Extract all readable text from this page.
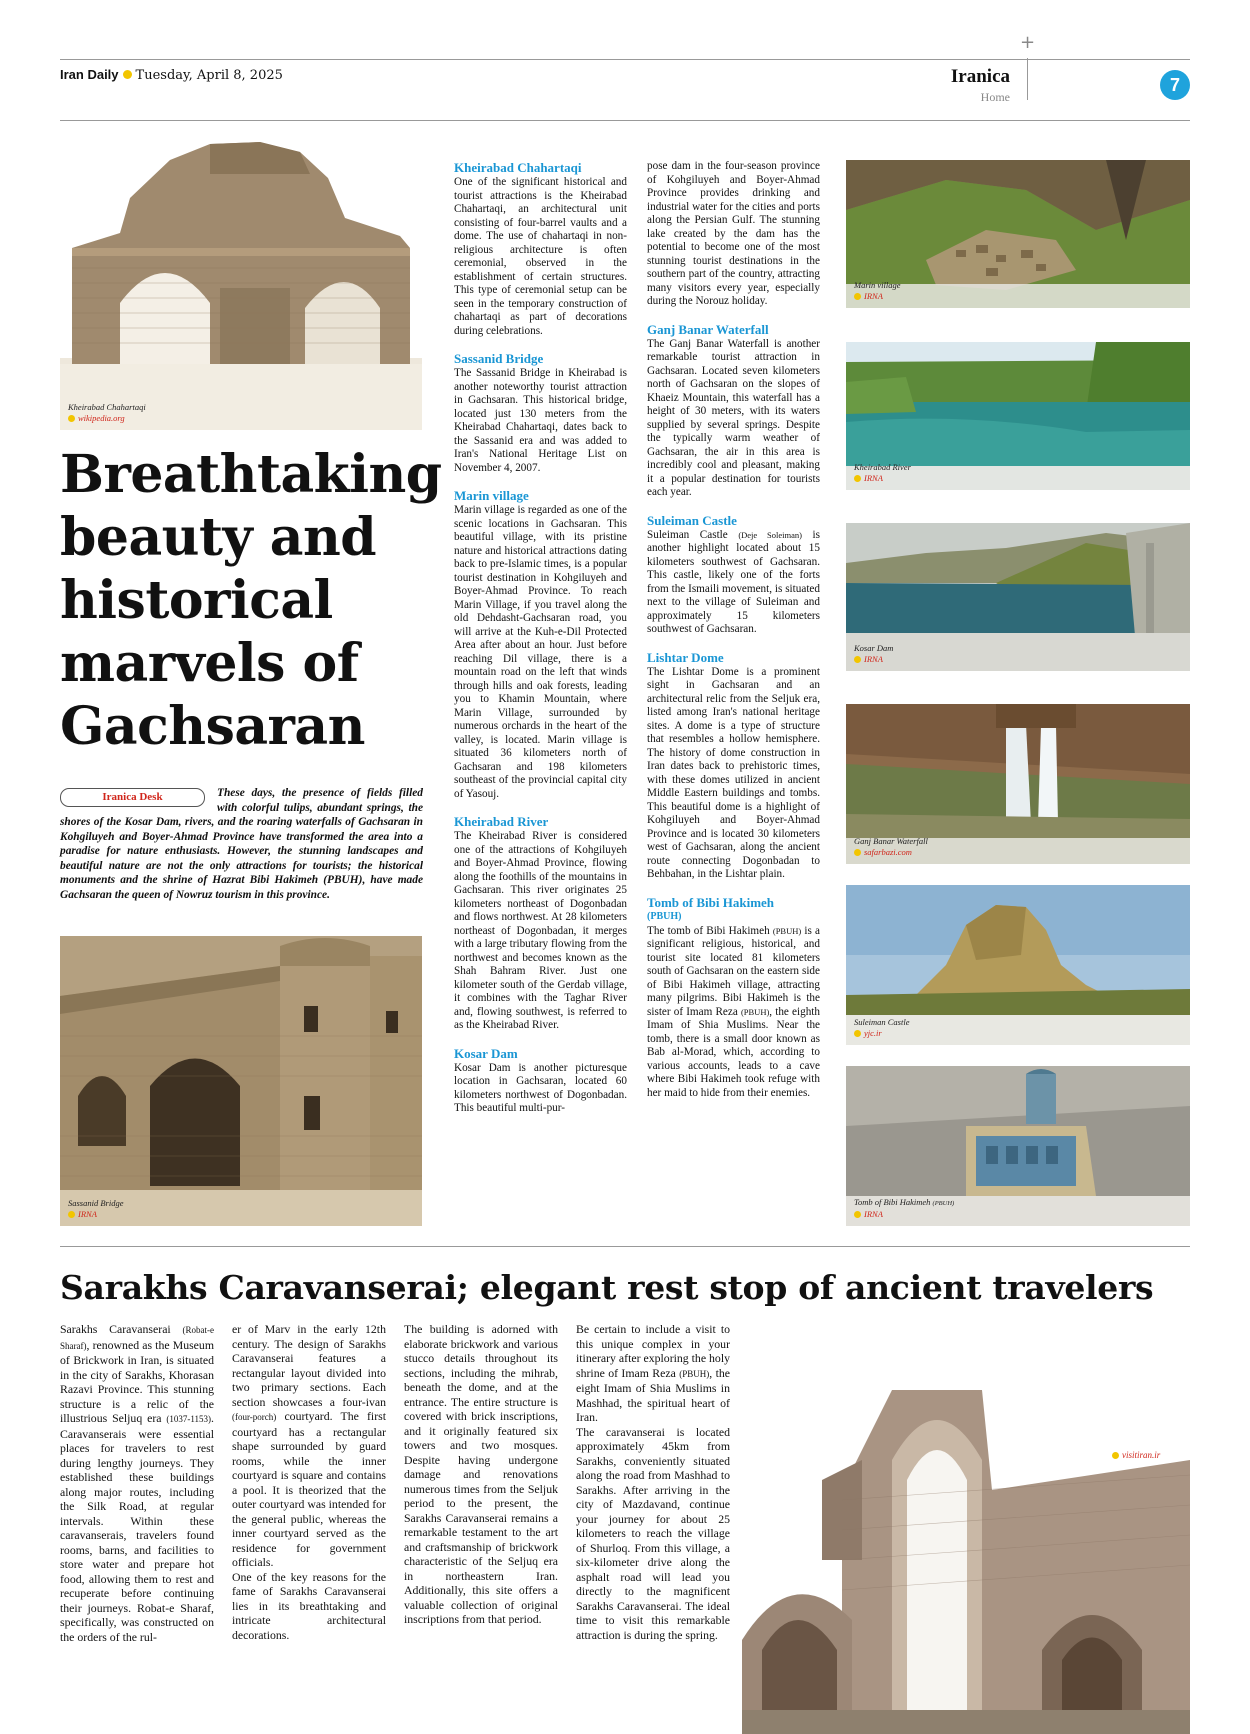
+
Iran Daily Tuesday, April 8, 2025	Iranica
Home
7
Kheirabad Chahartaqi
wikipedia.org
Breathtaking beauty and historical marvels of Gachsaran
Iranica Desk	These days, the presence of fields filled with colorful tulips, abundant springs, the shores of the Kosar Dam, rivers, and the roaring waterfalls of Gachsaran in Kohgiluyeh and Boyer-Ahmad Province have transformed the area into a paradise for nature enthusiasts. However, the stunning landscapes and beautiful nature are not the only attractions for tourists; the historical monuments and the shrine of Hazrat Bibi Hakimeh (PBUH), have made Gachsaran the queen of Nowruz tourism in this province.
Sassanid Bridge
IRNA
Kheirabad Chahartaqi

One of the significant historical and tourist attractions is the Kheirabad Chahartaqi, an architectural unit consisting of four-barrel vaults and a dome. The use of chahartaqi in non-religious architecture is often ceremonial, observed in the establishment of certain structures. This type of ceremonial setup can be seen in the temporary construction of chahartaqi as part of decorations during celebrations.

Sassanid Bridge

The Sassanid Bridge in Kheirabad is another noteworthy tourist attraction in Gachsaran. This historical bridge, located just 130 meters from the Kheirabad Chahartaqi, dates back to the Sassanid era and was added to Iran's National Heritage List on November 4, 2007.

Marin village

Marin village is regarded as one of the scenic locations in Gachsaran. This beautiful village, with its pristine nature and historical attractions dating back to pre-Islamic times, is a popular tourist destination in Kohgiluyeh and Boyer-Ahmad Province. To reach Marin Village, if you travel along the old Dehdasht-Gachsaran road, you will arrive at the Kuh-e-Dil Protected Area after about an hour. Just before reaching Dil village, there is a mountain road on the left that winds through hills and oak forests, leading you to Khamin Mountain, where Marin Village, surrounded by numerous orchards in the heart of the valley, is located. Marin village is situated 36 kilometers north of Gachsaran and 198 kilometers southeast of the provincial capital city of Yasouj.

Kheirabad River

The Kheirabad River is considered one of the attractions of Kohgiluyeh and Boyer-Ahmad Province, flowing along the foothills of the mountains in Gachsaran. This river originates 25 kilometers northeast of Dogonbadan and flows northwest. At 28 kilometers northeast of Dogonbadan, it merges with a large tributary flowing from the northwest and becomes known as the Shah Bahram River. Just one kilometer south of the Gerdab village, it combines with the Taghar River and, flowing southwest, is referred to as the Kheirabad River.

Kosar Dam

Kosar Dam is another picturesque location in Gachsaran, located 60 kilometers northwest of Dogonbadan. This beautiful multi-pur-

pose dam in the four-season province of Kohgiluyeh and Boyer-Ahmad Province provides drinking and industrial water for the cities and ports along the Persian Gulf. The stunning lake created by the dam has the potential to become one of the most stunning tourist destinations in the southern part of the country, attracting many visitors every year, especially during the Norouz holiday.

Ganj Banar Waterfall

The Ganj Banar Waterfall is another remarkable tourist attraction in Gachsaran. Located seven kilometers north of Gachsaran on the slopes of Khaeiz Mountain, this waterfall has a height of 30 meters, with its waters supplied by several springs. Despite the typically warm weather of Gachsaran, the air in this area is incredibly cool and pleasant, making it a popular destination for tourists each year.

Suleiman Castle

Suleiman Castle (Deje Soleiman) is another highlight located about 15 kilometers southwest of Gachsaran. This castle, likely one of the forts from the Ismaili movement, is situated next to the village of Suleiman and approximately 15 kilometers southwest of Gachsaran.

Lishtar Dome

The Lishtar Dome is a prominent sight in Gachsaran and an architectural relic from the Seljuk era, listed among Iran's national heritage sites. A dome is a type of structure that resembles a hollow hemisphere. The history of dome construction in Iran dates back to prehistoric times, with these domes utilized in ancient Middle Eastern buildings and tombs. This beautiful dome is a highlight of Kohgiluyeh and Boyer-Ahmad Province and is located 30 kilometers west of Gachsaran, along the ancient route connecting Dogonbadan to Behbahan, in the Lishtar plain.

Tomb of Bibi Hakimeh
(PBUH)

The tomb of Bibi Hakimeh (PBUH) is a significant religious, historical, and tourist site located 81 kilometers south of Gachsaran on the eastern side of Bibi Hakimeh village, attracting many pilgrims. Bibi Hakimeh is the sister of Imam Reza (PBUH), the eighth Imam of Shia Muslims. Near the tomb, there is a small door known as Bab al-Morad, which, according to various accounts, leads to a cave where Bibi Hakimeh took refuge with her maid to hide from their enemies.

Marin village
IRNA
Kheirabad River
IRNA
Kosar Dam
IRNA
Ganj Banar Waterfall
safarbazi.com
Suleiman Castle
yjc.ir
Tomb of Bibi Hakimeh (PBUH)
IRNA
Sarakhs Caravanserai; elegant rest stop of ancient travelers
Sarakhs Caravanserai (Robat-e Sharaf), renowned as the Museum of Brickwork in Iran, is situated in the city of Sarakhs, Khorasan Razavi Province. This stunning structure is a relic of the illustrious Seljuq era (1037-1153). Caravanserais were essential places for travelers to rest during lengthy journeys. They established these buildings along major routes, including the Silk Road, at regular intervals. Within these caravanserais, travelers found rooms, barns, and facilities to store water and prepare hot food, allowing them to rest and recuperate before continuing their journeys. Robat-e Sharaf, specifically, was constructed on the orders of the rul-
er of Marv in the early 12th century. The design of Sarakhs Caravanserai features a rectangular layout divided into two primary sections. Each section showcases a four-ivan (four-porch) courtyard. The first courtyard has a rectangular shape surrounded by guard rooms, while the inner courtyard is square and contains a pool. It is theorized that the outer courtyard was intended for the general public, whereas the inner courtyard served as the residence for government officials.
One of the key reasons for the fame of Sarakhs Caravanserai lies in its breathtaking and intricate architectural decorations.
The building is adorned with elaborate brickwork and various stucco details throughout its sections, including the mihrab, beneath the dome, and at the entrance. The entire structure is covered with brick inscriptions, and it originally featured six towers and two mosques. Despite having undergone damage and renovations numerous times from the Seljuk period to the present, the Sarakhs Caravanserai remains a remarkable testament to the art and craftsmanship of brickwork characteristic of the Seljuq era in northeastern Iran. Additionally, this site offers a valuable collection of original inscriptions from that period.
Be certain to include a visit to this unique complex in your itinerary after exploring the holy shrine of Imam Reza (PBUH), the eight Imam of Shia Muslims in Mashhad, the spiritual heart of Iran.
The caravanserai is located approximately 45km from Sarakhs, conveniently situated along the road from Mashhad to Sarakhs. After arriving in the city of Mazdavand, continue your journey for about 25 kilometers to reach the village of Shurloq. From this village, a six-kilometer drive along the asphalt road will lead you directly to the magnificent Sarakhs Caravanserai. The ideal time to visit this remarkable attraction is during the spring.
visitiran.ir
